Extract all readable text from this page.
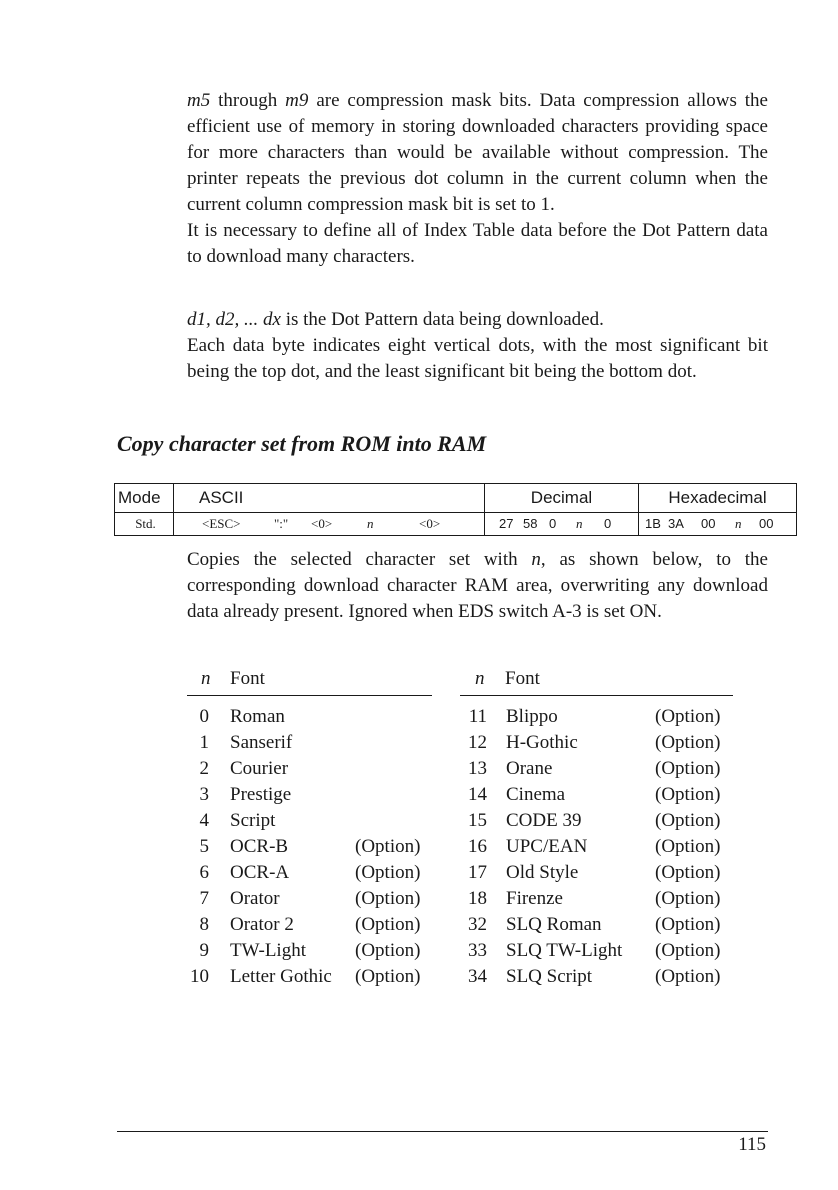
m5 through m9 are compression mask bits. Data compression allows the efficient use of memory in storing downloaded characters providing space for more characters than would be available without compression. The printer repeats the previous dot column in the current column when the current column compression mask bit is set to 1.

It is necessary to define all of Index Table data before the Dot Pattern data to download many characters.

d1, d2, ... dx is the Dot Pattern data being downloaded.

Each data byte indicates eight vertical dots, with the most significant bit being the top dot, and the least significant bit being the bottom dot.

Copy character set from ROM into RAM
Mode	ASCII	Decimal	Hexadecimal
Std.	<ESC> ":" <0> n <0>	27 58 0 n 0	1B 3A 00 n 00

Copies the selected character set with n, as shown below, to the corresponding download character RAM area, overwriting any download data already present. Ignored when EDS switch A-3 is set ON.

n Font
0 Roman
1 Sanserif
2 Courier
3 Prestige
4 Script
5 OCR-B	(Option)
6 OCR-A	(Option)
7 Orator	(Option)
8 Orator 2	(Option)
9 TW-Light	(Option)
10 Letter Gothic (Option)
n Font
11 Blippo	(Option)
12 H-Gothic	(Option)
13 Orane	(Option)
14 Cinema	(Option)
15 CODE 39	(Option)
16 UPC/EAN	(Option)
17 Old Style	(Option)
18 Firenze	(Option)
32 SLQ Roman	(Option)
33 SLQ TW-Light (Option)
34 SLQ Script	(Option)
115
